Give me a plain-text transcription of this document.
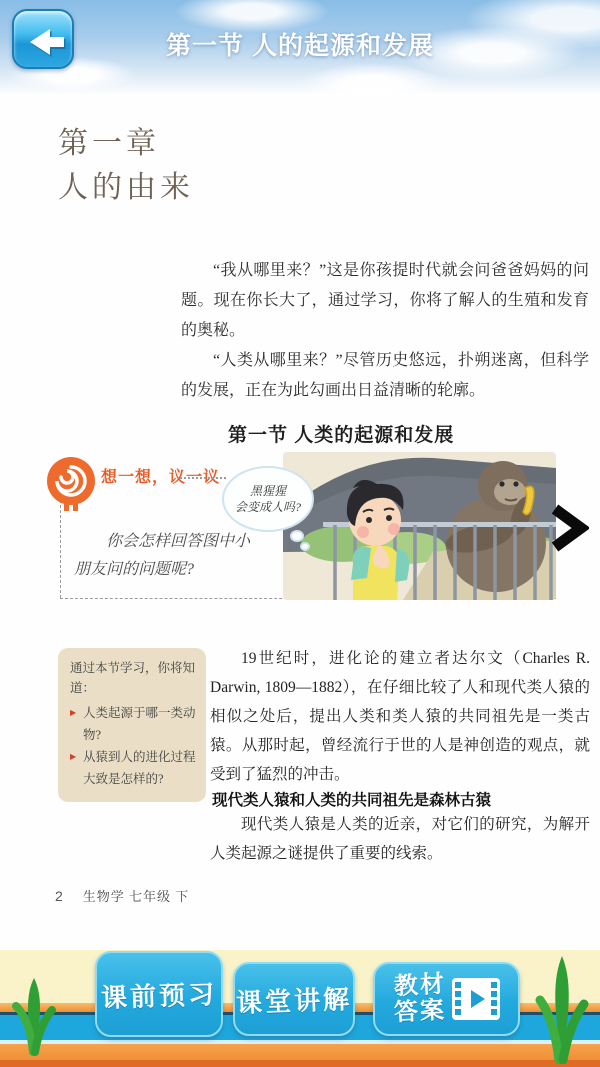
第一节 人的起源和发展
第一章
人的由来

“我从哪里来？”这是你孩提时代就会问爸爸妈妈的问题。现在你长大了，通过学习，你将了解人的生殖和发育的奥秘。

“人类从哪里来？”尽管历史悠远，扑朔迷离，但科学的发展，正在为此勾画出日益清晰的轮廓。

第一节 人类的起源和发展
想一想，议一议
你会怎样回答图中小朋友问的问题呢?
黑猩猩
会变成人吗?

通过本节学习，你将知道：

▶ 人类起源于哪一类动物?
▶ 从猿到人的进化过程大致是怎样的?

19世纪时，进化论的建立者达尔文（Charles R. Darwin, 1809—1882），在仔细比较了人和现代类人猿的相似之处后，提出人类和类人猿的共同祖先是一类古猿。从那时起，曾经流行于世的人是神创造的观点，就受到了猛烈的冲击。

现代类人猿和人类的共同祖先是森林古猿

现代类人猿是人类的近亲，对它们的研究，为解开人类起源之谜提供了重要的线索。

2 生物学 七年级 下
课前预习 课堂讲解 教材
答案
